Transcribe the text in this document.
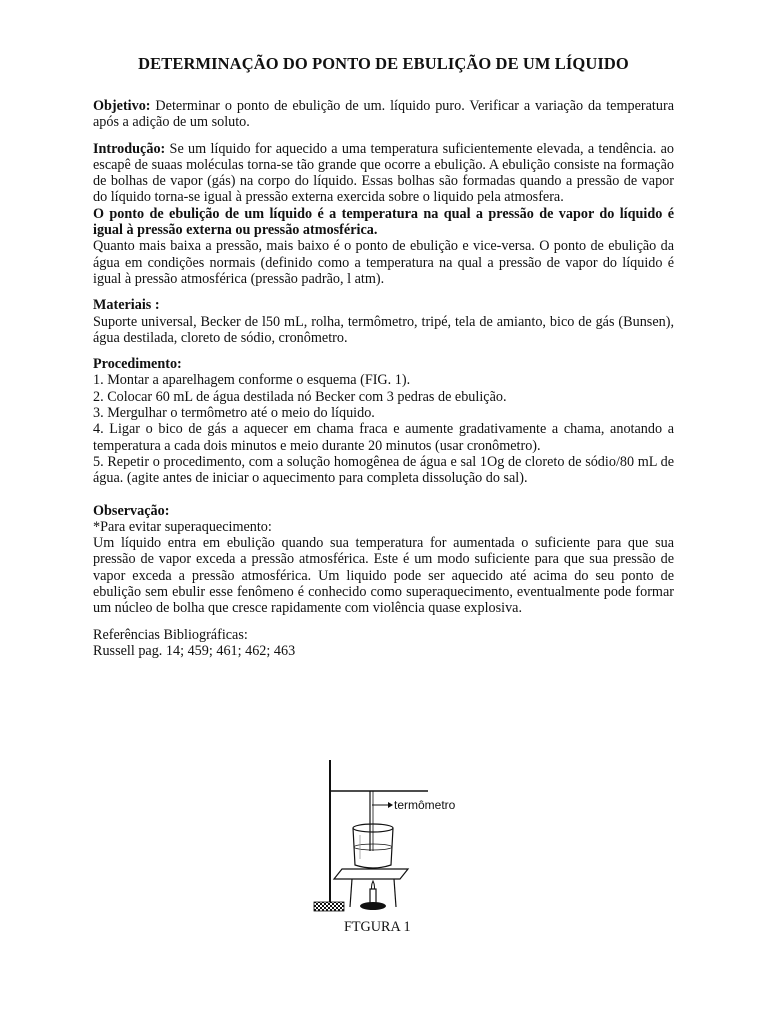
DETERMINAÇÃO DO PONTO DE EBULIÇÃO DE UM LÍQUIDO
Objetivo: Determinar o ponto de ebulição de um. líquido puro. Verificar a variação da temperatura após a adição de um soluto.
Introdução: Se um líquido for aquecido a uma temperatura suficientemente elevada, a tendência. ao escapê de suaas moléculas torna-se tão grande que ocorre a ebulição. A ebulição consiste na formação de bolhas de vapor (gás) na corpo do líquido. Essas bolhas são formadas quando a pressão de vapor do líquido torna-se igual à pressão externa exercida sobre o liquido pela atmosfera.
O ponto de ebulição de um líquido é a temperatura na qual a pressão de vapor do líquido é igual à pressão externa ou pressão atmosférica.
Quanto mais baixa a pressão, mais baixo é o ponto de ebulição e vice-versa. O ponto de ebulição da água em condições normais (definido como a temperatura na qual a pressão de vapor do líquido é igual à pressão atmosférica (pressão padrão, l atm).
Materiais :
Suporte universal, Becker de l50 mL, rolha, termômetro, tripé, tela de amianto, bico de gás (Bunsen), água destilada, cloreto de sódio, cronômetro.
Procedimento:
1. Montar a aparelhagem conforme o esquema (FIG. 1).
2. Colocar 60 mL de água destilada nó Becker com 3 pedras de ebulição.
3. Mergulhar o termômetro até o meio do líquido.
4. Ligar o bico de gás a aquecer em chama fraca e aumente gradativamente a chama, anotando a temperatura a cada dois minutos e meio durante 20 minutos (usar cronômetro).
5. Repetir o procedimento, com a solução homogênea de água e sal 1Og de cloreto de sódio/80 mL de água. (agite antes de iniciar o aquecimento para completa dissolução do sal).
Observação:
*Para evitar superaquecimento:
Um líquido entra em ebulição quando sua temperatura for aumentada o suficiente para que sua pressão de vapor exceda a pressão atmosférica. Este é um modo suficiente para que sua pressão de vapor exceda a pressão atmosférica. Um liquido pode ser aquecido até acima do seu ponto de ebulição sem ebulir esse fenômeno é conhecido como superaquecimento, eventualmente pode formar um núcleo de bolha que cresce rapidamente com violência quase explosiva.
Referências Bibliográficas:
Russell pag. 14; 459; 461; 462; 463
termômetro
FTGURA 1
